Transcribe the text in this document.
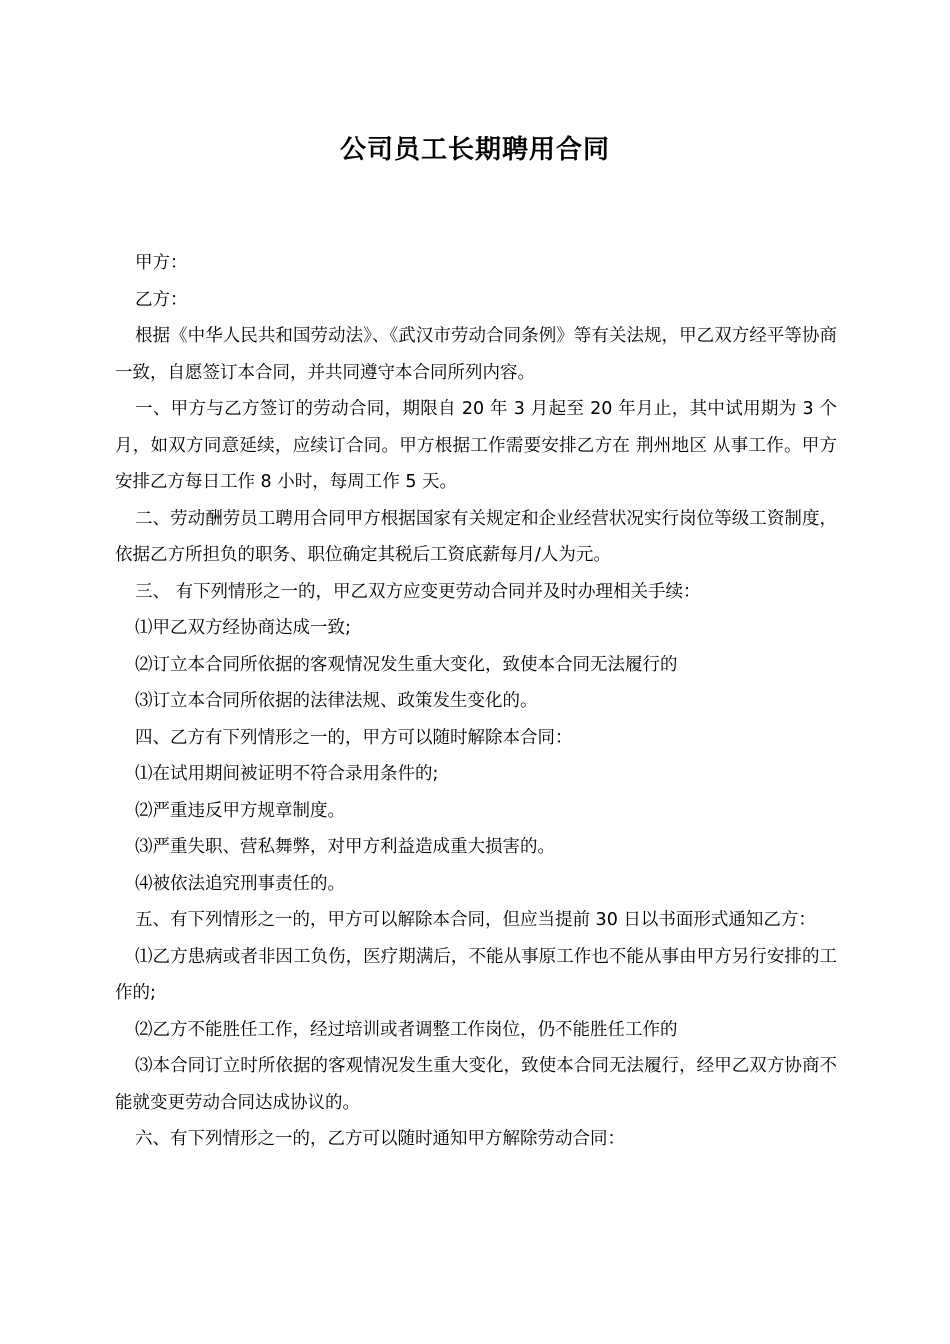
公司员工长期聘用合同

甲方：

乙方：

根据《中华人民共和国劳动法》、《武汉市劳动合同条例》等有关法规，甲乙双方经平等协商一致，自愿签订本合同，并共同遵守本合同所列内容。

一、甲方与乙方签订的劳动合同，期限自 20 年 3 月起至 20 年月止，其中试用期为 3 个月，如双方同意延续，应续订合同。甲方根据工作需要安排乙方在 荆州地区 从事工作。甲方安排乙方每日工作 8 小时，每周工作 5 天。

二、劳动酬劳员工聘用合同甲方根据国家有关规定和企业经营状况实行岗位等级工资制度，依据乙方所担负的职务、职位确定其税后工资底薪每月/人为元。

三、 有下列情形之一的，甲乙双方应变更劳动合同并及时办理相关手续：

⑴甲乙双方经协商达成一致;

⑵订立本合同所依据的客观情况发生重大变化，致使本合同无法履行的

⑶订立本合同所依据的法律法规、政策发生变化的。

四、乙方有下列情形之一的，甲方可以随时解除本合同：

⑴在试用期间被证明不符合录用条件的;

⑵严重违反甲方规章制度。

⑶严重失职、营私舞弊，对甲方利益造成重大损害的。

⑷被依法追究刑事责任的。

五、有下列情形之一的，甲方可以解除本合同，但应当提前 30 日以书面形式通知乙方：

⑴乙方患病或者非因工负伤，医疗期满后，不能从事原工作也不能从事由甲方另行安排的工作的;

⑵乙方不能胜任工作，经过培训或者调整工作岗位，仍不能胜任工作的

⑶本合同订立时所依据的客观情况发生重大变化，致使本合同无法履行，经甲乙双方协商不能就变更劳动合同达成协议的。

六、有下列情形之一的，乙方可以随时通知甲方解除劳动合同：
